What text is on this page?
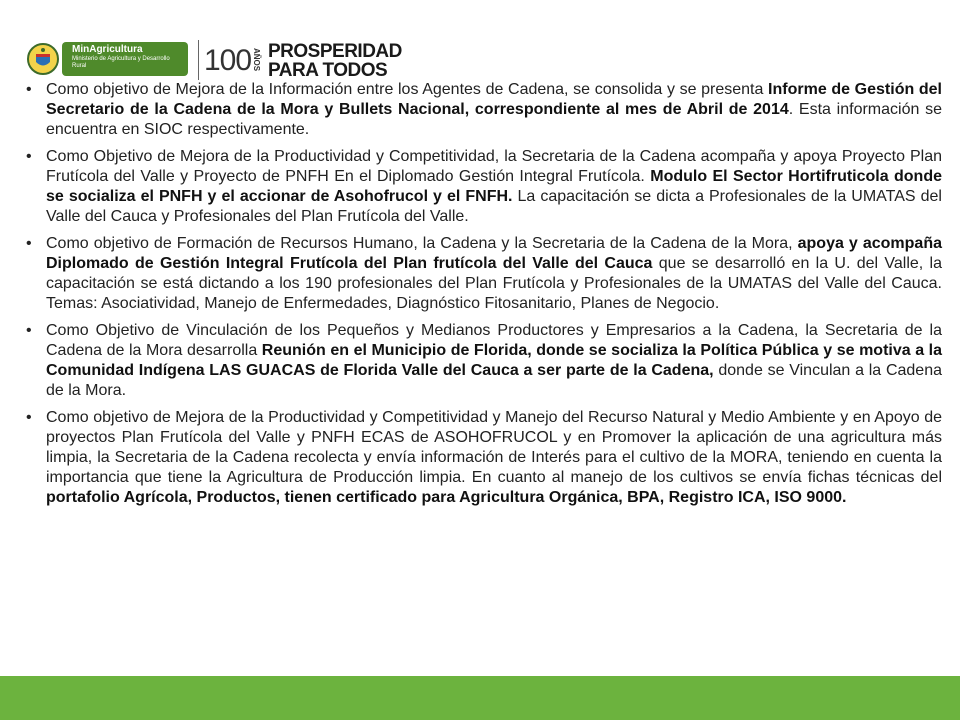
MinAgricultura
Ministerio de Agricultura y Desarrollo Rural	100 AÑOS PROSPERIDAD
PARA TODOS
• Como objetivo de Mejora de la Información entre los Agentes de Cadena, se consolida y se presenta Informe de Gestión del Secretario de la Cadena de la Mora y Bullets Nacional, correspondiente al mes de Abril de 2014. Esta información se encuentra en SIOC respectivamente.
• Como Objetivo de Mejora de la Productividad y Competitividad, la Secretaria de la Cadena acompaña y apoya Proyecto Plan Frutícola del Valle y Proyecto de PNFH En el Diplomado Gestión Integral Frutícola. Modulo El Sector Hortifruticola donde se socializa el PNFH y el accionar de Asohofrucol y el FNFH. La capacitación se dicta a Profesionales de la UMATAS del Valle del Cauca y Profesionales del Plan Frutícola del Valle.
• Como objetivo de Formación de Recursos Humano, la Cadena y la Secretaria de la Cadena de la Mora, apoya y acompaña Diplomado de Gestión Integral Frutícola del Plan frutícola del Valle del Cauca que se desarrolló en la U. del Valle, la capacitación se está dictando a los 190 profesionales del Plan Frutícola y Profesionales de la UMATAS del Valle del Cauca. Temas: Asociatividad, Manejo de Enfermedades, Diagnóstico Fitosanitario, Planes de Negocio.
• Como Objetivo de Vinculación de los Pequeños y Medianos Productores y Empresarios a la Cadena, la Secretaria de la Cadena de la Mora desarrolla Reunión en el Municipio de Florida, donde se socializa la Política Pública y se motiva a la Comunidad Indígena LAS GUACAS de Florida Valle del Cauca a ser parte de la Cadena, donde se Vinculan a la Cadena de la Mora.
• Como objetivo de Mejora de la Productividad y Competitividad y Manejo del Recurso Natural y Medio Ambiente y en Apoyo de proyectos Plan Frutícola del Valle y PNFH ECAS de ASOHOFRUCOL y en Promover la aplicación de una agricultura más limpia, la Secretaria de la Cadena recolecta y envía información de Interés para el cultivo de la MORA, teniendo en cuenta la importancia que tiene la Agricultura de Producción limpia. En cuanto al manejo de los cultivos se envía fichas técnicas del portafolio Agrícola, Productos, tienen certificado para Agricultura Orgánica, BPA, Registro ICA, ISO 9000.
